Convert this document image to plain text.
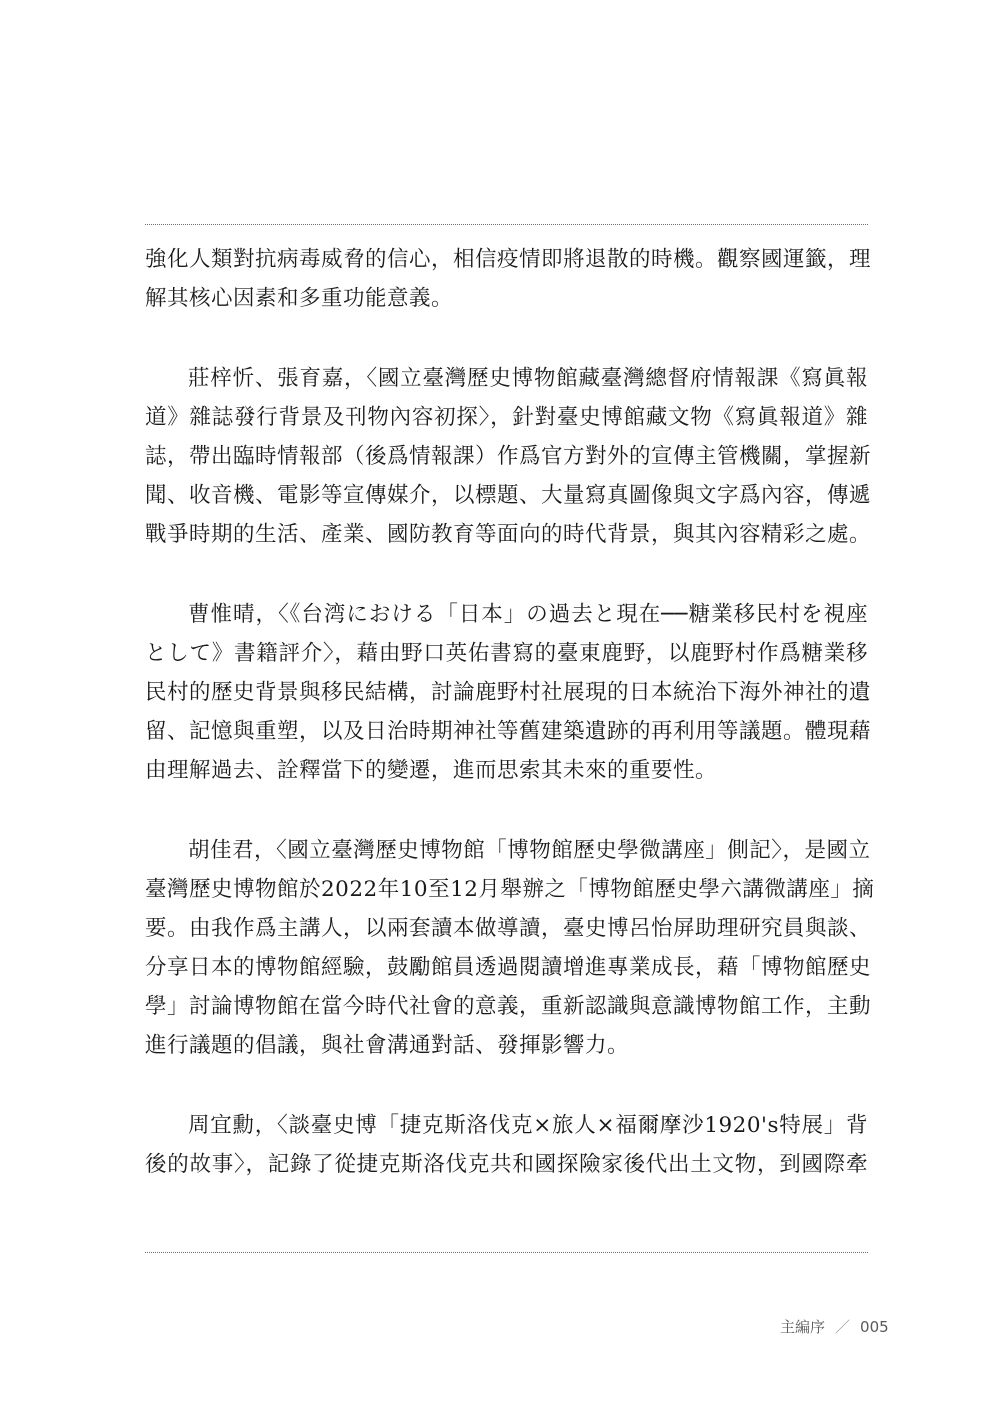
強化人類對抗病毒威脅的信心，相信疫情即將退散的時機。觀察國運籤，理
解其核心因素和多重功能意義。
莊梓忻、張育嘉，〈國立臺灣歷史博物館藏臺灣總督府情報課《寫眞報
道》雜誌發行背景及刊物內容初探〉，針對臺史博館藏文物《寫眞報道》雜
誌，帶出臨時情報部（後爲情報課）作爲官方對外的宣傳主管機關，掌握新
聞、收音機、電影等宣傳媒介，以標題、大量寫真圖像與文字爲內容，傳遞
戰爭時期的生活、產業、國防教育等面向的時代背景，與其內容精彩之處。
曹惟晴，〈《台湾における「日本」の過去と現在──糖業移民村を視座
として》書籍評介〉，藉由野口英佑書寫的臺東鹿野，以鹿野村作爲糖業移
民村的歷史背景與移民結構，討論鹿野村社展現的日本統治下海外神社的遺
留、記憶與重塑，以及日治時期神社等舊建築遺跡的再利用等議題。體現藉
由理解過去、詮釋當下的變遷，進而思索其未來的重要性。
胡佳君，〈國立臺灣歷史博物館「博物館歷史學微講座」側記〉，是國立
臺灣歷史博物館於2022年10至12月舉辦之「博物館歷史學六講微講座」摘
要。由我作爲主講人，以兩套讀本做導讀，臺史博呂怡屏助理研究員與談、
分享日本的博物館經驗，鼓勵館員透過閱讀增進專業成長，藉「博物館歷史
學」討論博物館在當今時代社會的意義，重新認識與意識博物館工作，主動
進行議題的倡議，與社會溝通對話、發揮影響力。
周宜勳，〈談臺史博「捷克斯洛伐克×旅人×福爾摩沙1920's特展」背
後的故事〉，記錄了從捷克斯洛伐克共和國探險家後代出土文物，到國際牽
主編序 ／ 005
